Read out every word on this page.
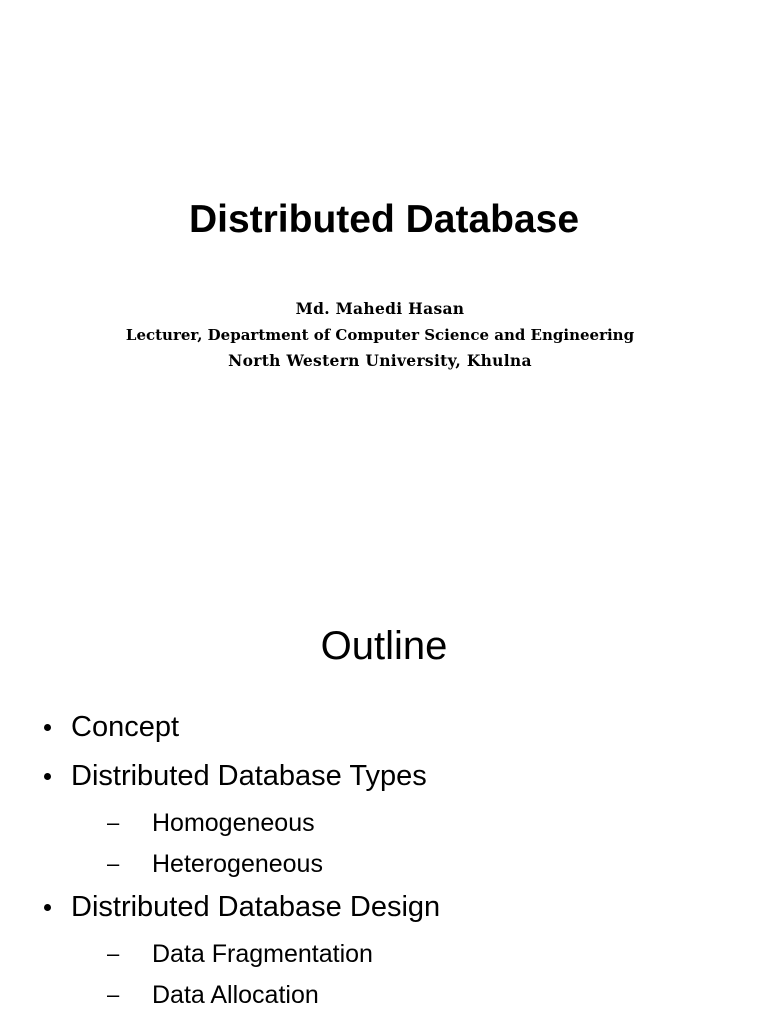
Distributed Database
Md. Mahedi Hasan
Lecturer, Department of Computer Science and Engineering
North Western University, Khulna
Outline
Concept
Distributed Database Types
– Homogeneous
– Heterogeneous
Distributed Database Design
– Data Fragmentation
– Data Allocation
